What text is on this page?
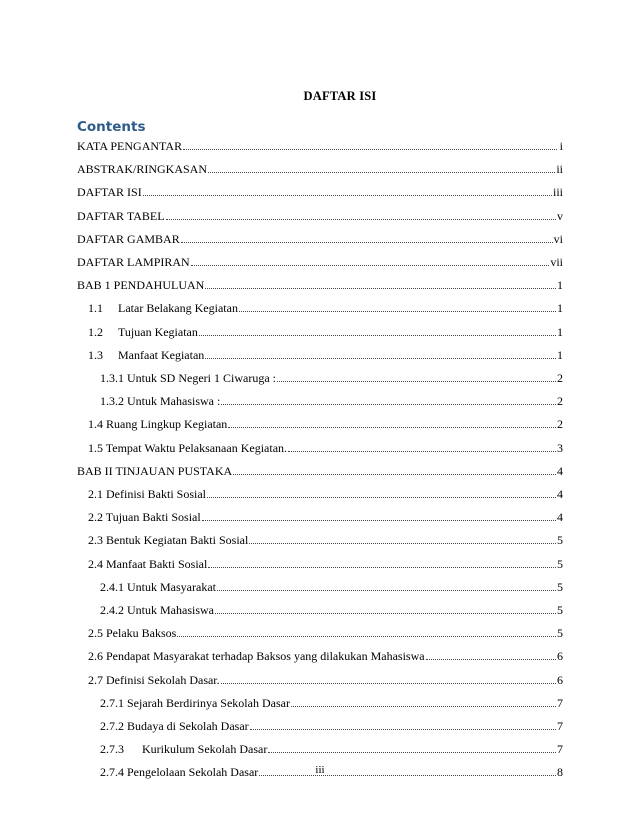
DAFTAR ISI
Contents
KATA PENGANTAR	i
ABSTRAK/RINGKASAN	ii
DAFTAR ISI	iii
DAFTAR TABEL	v
DAFTAR GAMBAR	vi
DAFTAR LAMPIRAN	vii
BAB 1 PENDAHULUAN	1
1.1	Latar Belakang Kegiatan	1
1.2	Tujuan Kegiatan	1
1.3	Manfaat Kegiatan	1
1.3.1 Untuk SD Negeri 1 Ciwaruga :	2
1.3.2 Untuk Mahasiswa :	2
1.4 Ruang Lingkup Kegiatan	2
1.5 Tempat Waktu Pelaksanaan Kegiatan.	3
BAB II TINJAUAN PUSTAKA	4
2.1 Definisi Bakti Sosial	4
2.2 Tujuan Bakti Sosial	4
2.3 Bentuk Kegiatan Bakti Sosial	5
2.4 Manfaat Bakti Sosial	5
2.4.1 Untuk Masyarakat	5
2.4.2 Untuk Mahasiswa	5
2.5 Pelaku Baksos	5
2.6 Pendapat Masyarakat terhadap Baksos yang dilakukan Mahasiswa	6
2.7 Definisi Sekolah Dasar.	6
2.7.1 Sejarah Berdirinya Sekolah Dasar	7
2.7.2 Budaya di Sekolah Dasar	7
2.7.3	Kurikulum Sekolah Dasar	7
2.7.4 Pengelolaan Sekolah Dasar	8
iii
